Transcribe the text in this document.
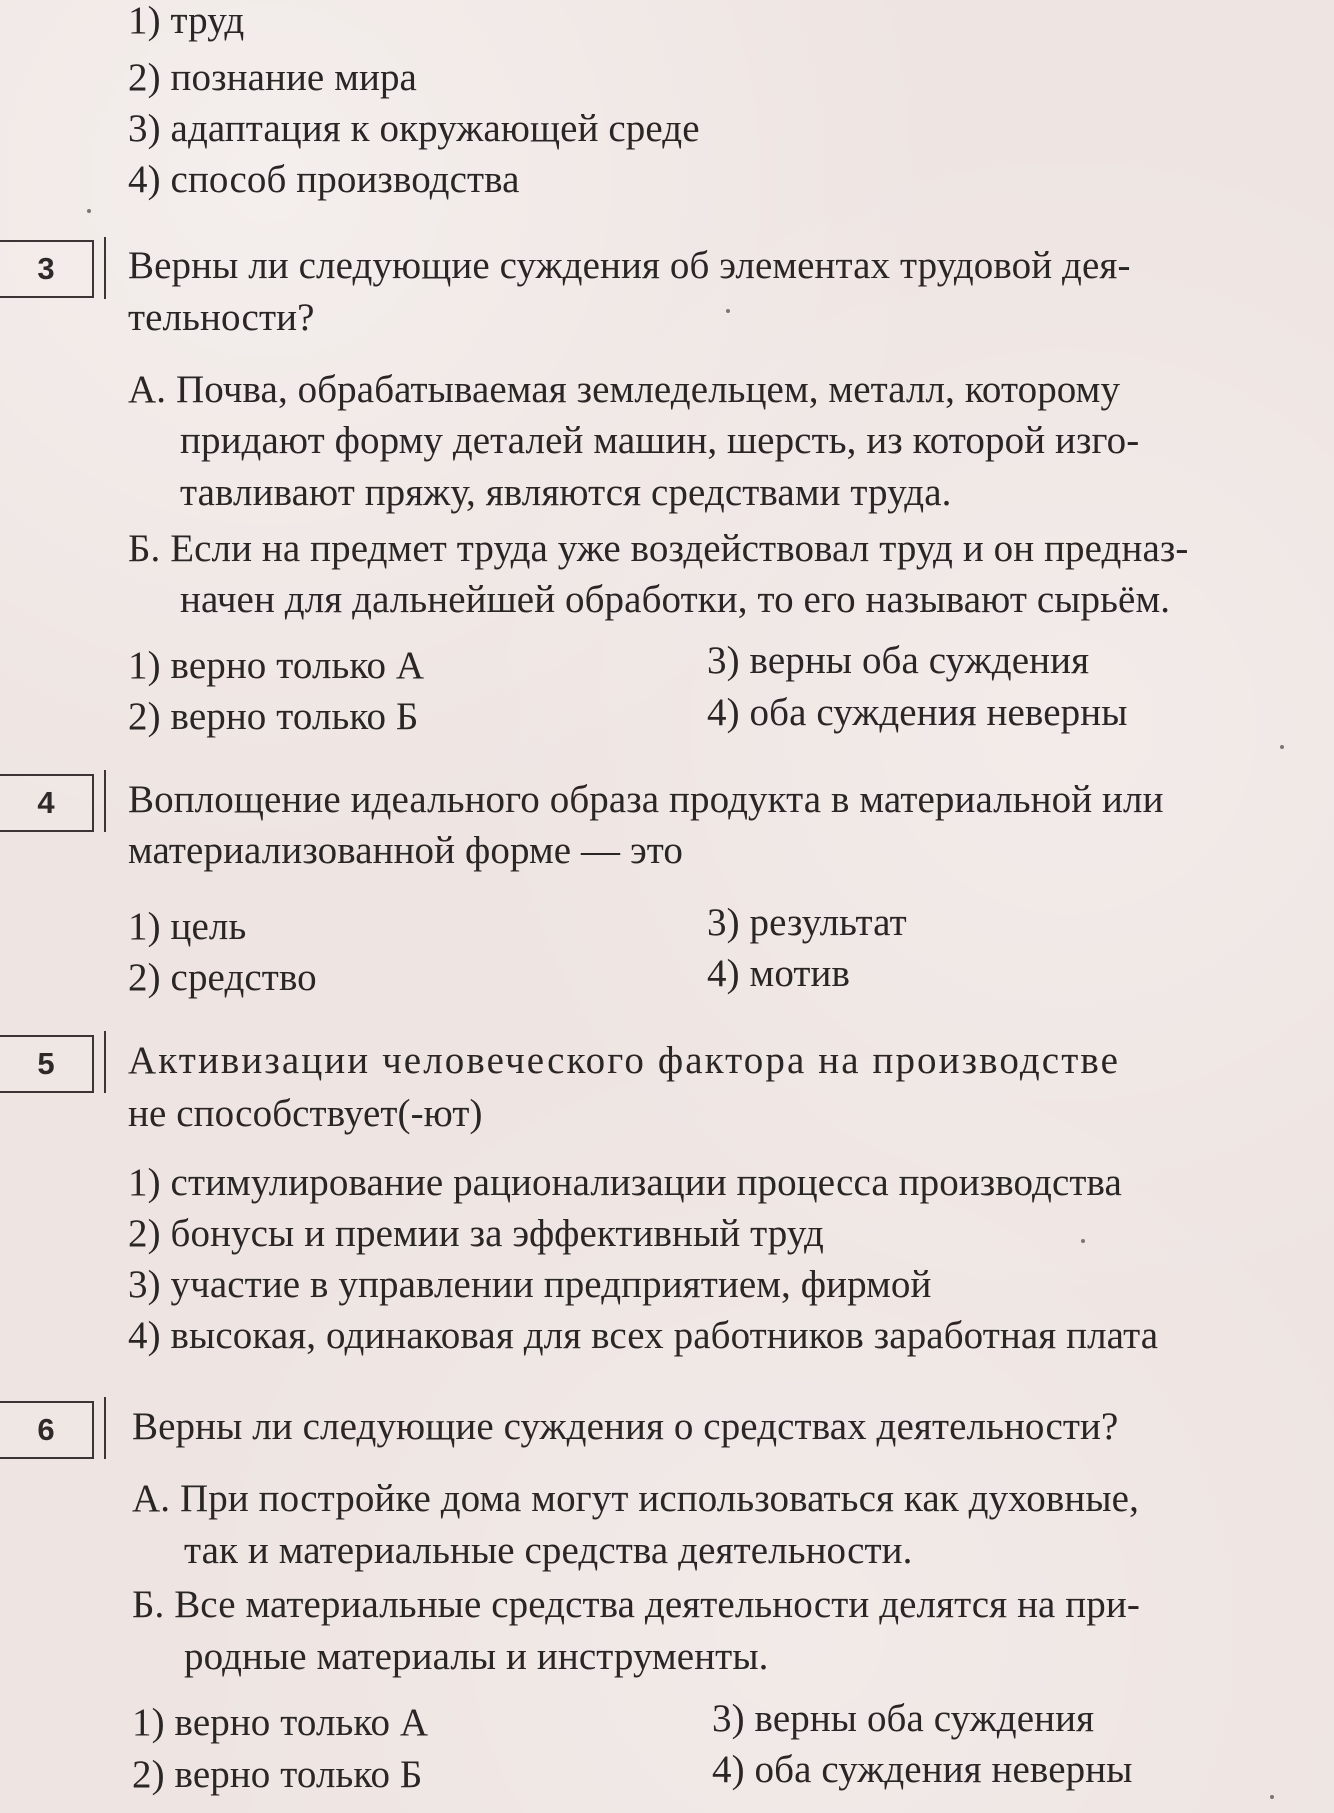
1) труд
2) познание мира
3) адаптация к окружающей среде
4) способ производства
3	Верны ли следующие суждения об элементах трудовой дея-
тельности?
А. Почва, обрабатываемая земледельцем, металл, которому
придают форму деталей машин, шерсть, из которой изго-
тавливают пряжу, являются средствами труда.
Б. Если на предмет труда уже воздействовал труд и он предназ-
начен для дальнейшей обработки, то его называют сырьём.
1) верно только А
2) верно только Б
3) верны оба суждения
4) оба суждения неверны
4	Воплощение идеального образа продукта в материальной или
материализованной форме — это
1) цель
2) средство
3) результат
4) мотив
5	Активизации человеческого фактора на производстве
не способствует(-ют)
1) стимулирование рационализации процесса производства
2) бонусы и премии за эффективный труд
3) участие в управлении предприятием, фирмой
4) высокая, одинаковая для всех работников заработная плата
6	Верны ли следующие суждения о средствах деятельности?
А. При постройке дома могут использоваться как духовные,
так и материальные средства деятельности.
Б. Все материальные средства деятельности делятся на при-
родные материалы и инструменты.
1) верно только А
2) верно только Б
3) верны оба суждения
4) оба суждения неверны
